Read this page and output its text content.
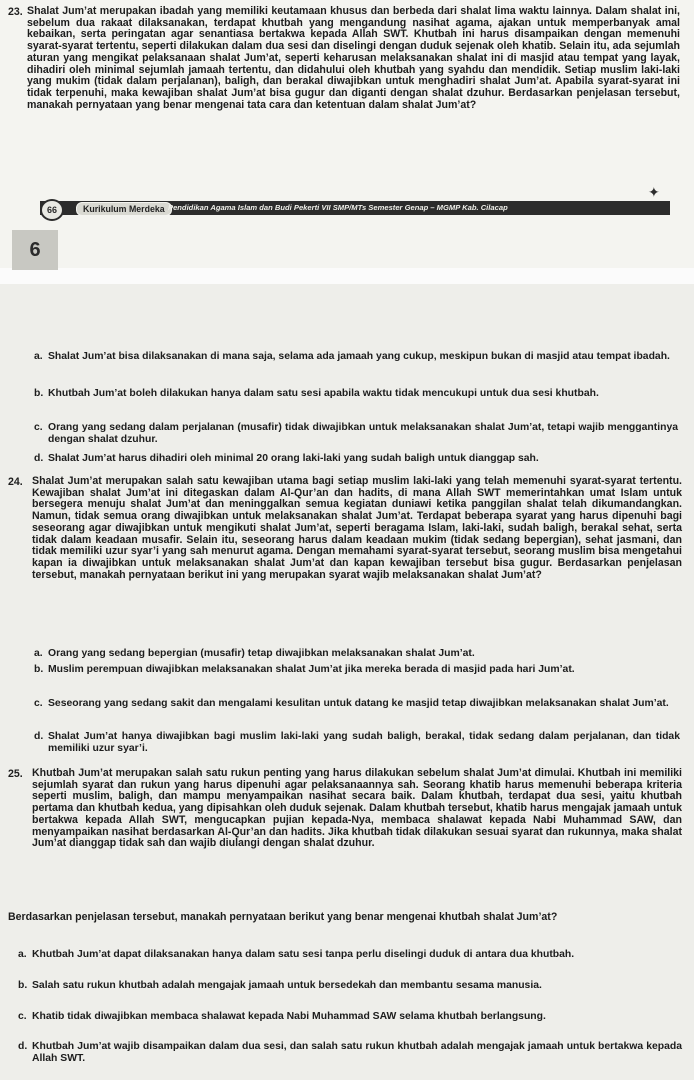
23. Shalat Jum’at merupakan ibadah yang memiliki keutamaan khusus dan berbeda dari shalat lima waktu lainnya. Dalam shalat ini, sebelum dua rakaat dilaksanakan, terdapat khutbah yang mengandung nasihat agama, ajakan untuk memperbanyak amal kebaikan, serta peringatan agar senantiasa bertakwa kepada Allah SWT. Khutbah ini harus disampaikan dengan memenuhi syarat-syarat tertentu, seperti dilakukan dalam dua sesi dan diselingi dengan duduk sejenak oleh khatib. Selain itu, ada sejumlah aturan yang mengikat pelaksanaan shalat Jum’at, seperti keharusan melaksanakan shalat ini di masjid atau tempat yang layak, dihadiri oleh minimal sejumlah jamaah tertentu, dan didahului oleh khutbah yang syahdu dan mendidik. Setiap muslim laki-laki yang mukim (tidak dalam perjalanan), baligh, dan berakal diwajibkan untuk menghadiri shalat Jum’at. Apabila syarat-syarat ini tidak terpenuhi, maka kewajiban shalat Jum’at bisa gugur dan diganti dengan shalat dzuhur. Berdasarkan penjelasan tersebut, manakah pernyataan yang benar mengenai tata cara dan ketentuan dalam shalat Jum’at?

66	Kurikulum Merdeka Pendidikan Agama Islam dan Budi Pekerti VII SMP/MTs Semester Genap – MGMP Kab. Cilacap
✦
6
a. Shalat Jum’at bisa dilaksanakan di mana saja, selama ada jamaah yang cukup, meskipun bukan di masjid atau tempat ibadah.
b. Khutbah Jum’at boleh dilakukan hanya dalam satu sesi apabila waktu tidak mencukupi untuk dua sesi khutbah.
c. Orang yang sedang dalam perjalanan (musafir) tidak diwajibkan untuk melaksanakan shalat Jum’at, tetapi wajib menggantinya dengan shalat dzuhur.
d. Shalat Jum’at harus dihadiri oleh minimal 20 orang laki-laki yang sudah baligh untuk dianggap sah.
24. Shalat Jum’at merupakan salah satu kewajiban utama bagi setiap muslim laki-laki yang telah memenuhi syarat-syarat tertentu. Kewajiban shalat Jum’at ini ditegaskan dalam Al-Qur’an dan hadits, di mana Allah SWT memerintahkan umat Islam untuk bersegera menuju shalat Jum’at dan meninggalkan semua kegiatan duniawi ketika panggilan shalat telah dikumandangkan. Namun, tidak semua orang diwajibkan untuk melaksanakan shalat Jum’at. Terdapat beberapa syarat yang harus dipenuhi bagi seseorang agar diwajibkan untuk mengikuti shalat Jum’at, seperti beragama Islam, laki-laki, sudah baligh, berakal sehat, serta tidak dalam keadaan musafir. Selain itu, seseorang harus dalam keadaan mukim (tidak sedang bepergian), sehat jasmani, dan tidak memiliki uzur syar’i yang sah menurut agama. Dengan memahami syarat-syarat tersebut, seorang muslim bisa mengetahui kapan ia diwajibkan untuk melaksanakan shalat Jum’at dan kapan kewajiban tersebut bisa gugur. Berdasarkan penjelasan tersebut, manakah pernyataan berikut ini yang merupakan syarat wajib melaksanakan shalat Jum’at?

a. Orang yang sedang bepergian (musafir) tetap diwajibkan melaksanakan shalat Jum’at.
b. Muslim perempuan diwajibkan melaksanakan shalat Jum’at jika mereka berada di masjid pada hari Jum’at.
c. Seseorang yang sedang sakit dan mengalami kesulitan untuk datang ke masjid tetap diwajibkan melaksanakan shalat Jum’at.
d. Shalat Jum’at hanya diwajibkan bagi muslim laki-laki yang sudah baligh, berakal, tidak sedang dalam perjalanan, dan tidak memiliki uzur syar’i.
25. Khutbah Jum’at merupakan salah satu rukun penting yang harus dilakukan sebelum shalat Jum’at dimulai. Khutbah ini memiliki sejumlah syarat dan rukun yang harus dipenuhi agar pelaksanaannya sah. Seorang khatib harus memenuhi beberapa kriteria seperti muslim, baligh, dan mampu menyampaikan nasihat secara baik. Dalam khutbah, terdapat dua sesi, yaitu khutbah pertama dan khutbah kedua, yang dipisahkan oleh duduk sejenak. Dalam khutbah tersebut, khatib harus mengajak jamaah untuk bertakwa kepada Allah SWT, mengucapkan pujian kepada-Nya, membaca shalawat kepada Nabi Muhammad SAW, dan menyampaikan nasihat berdasarkan Al-Qur’an dan hadits. Jika khutbah tidak dilakukan sesuai syarat dan rukunnya, maka shalat Jum’at dianggap tidak sah dan wajib diulangi dengan shalat dzuhur.

Berdasarkan penjelasan tersebut, manakah pernyataan berikut yang benar mengenai khutbah shalat Jum’at?

a. Khutbah Jum’at dapat dilaksanakan hanya dalam satu sesi tanpa perlu diselingi duduk di antara dua khutbah.
b. Salah satu rukun khutbah adalah mengajak jamaah untuk bersedekah dan membantu sesama manusia.
c. Khatib tidak diwajibkan membaca shalawat kepada Nabi Muhammad SAW selama khutbah berlangsung.
d. Khutbah Jum’at wajib disampaikan dalam dua sesi, dan salah satu rukun khutbah adalah mengajak jamaah untuk bertakwa kepada Allah SWT.
